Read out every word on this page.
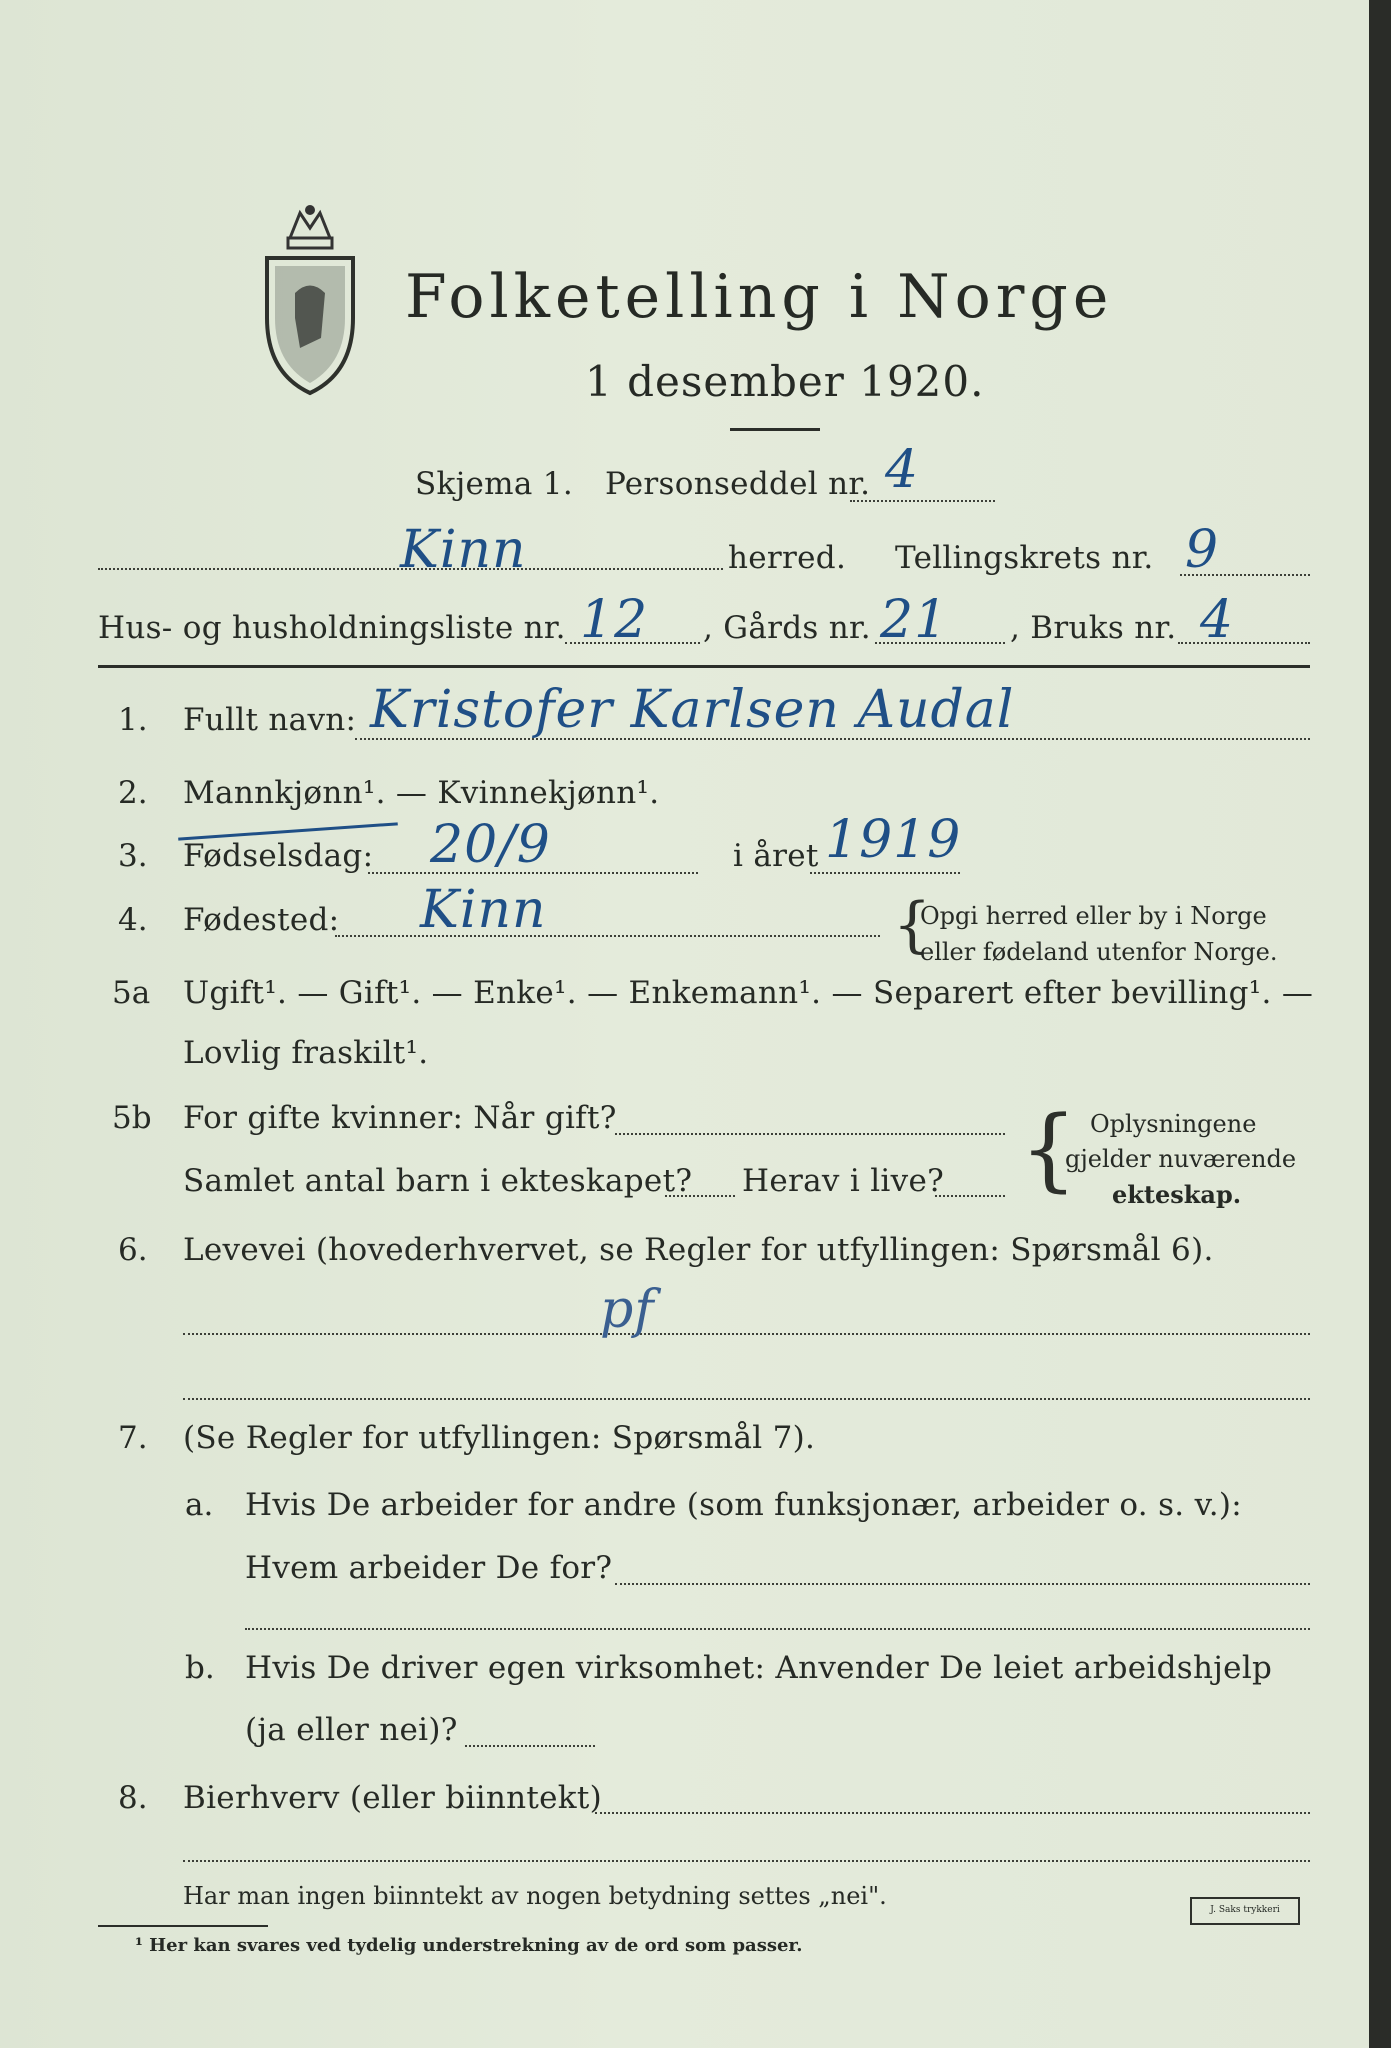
Folketelling i Norge
1 desember 1920.
Skjema 1. Personseddel nr. 4
Kinn	herred. Tellingskrets nr. 9
Hus- og husholdningsliste nr. 12 , Gårds nr. 21 , Bruks nr. 4
1. Fullt navn: Kristofer Karlsen Audal
2. Mannkjønn¹. — Kvinnekjønn¹.
3. Fødselsdag: 20/9	i året 1919
4. Fødested: Kinn	{
Opgi herred eller by i Norge
eller fødeland utenfor Norge.
5a Ugift¹. — Gift¹. — Enke¹. — Enkemann¹. — Separert efter bevilling¹. —
Lovlig fraskilt¹.
5b For gifte kvinner: Når gift?
Samlet antal barn i ekteskapet? Herav i live? { Oplysningene
gjelder nuværende
ekteskap.
6. Levevei (hovederhvervet, se Regler for utfyllingen: Spørsmål 6).
pf
7. (Se Regler for utfyllingen: Spørsmål 7).
a. Hvis De arbeider for andre (som funksjonær, arbeider o. s. v.):
Hvem arbeider De for?
b. Hvis De driver egen virksomhet: Anvender De leiet arbeidshjelp
(ja eller nei)?
8. Bierhverv (eller biinntekt)
Har man ingen biinntekt av nogen betydning settes „nei".
¹ Her kan svares ved tydelig understrekning av de ord som passer.
J. Saks trykkeri
